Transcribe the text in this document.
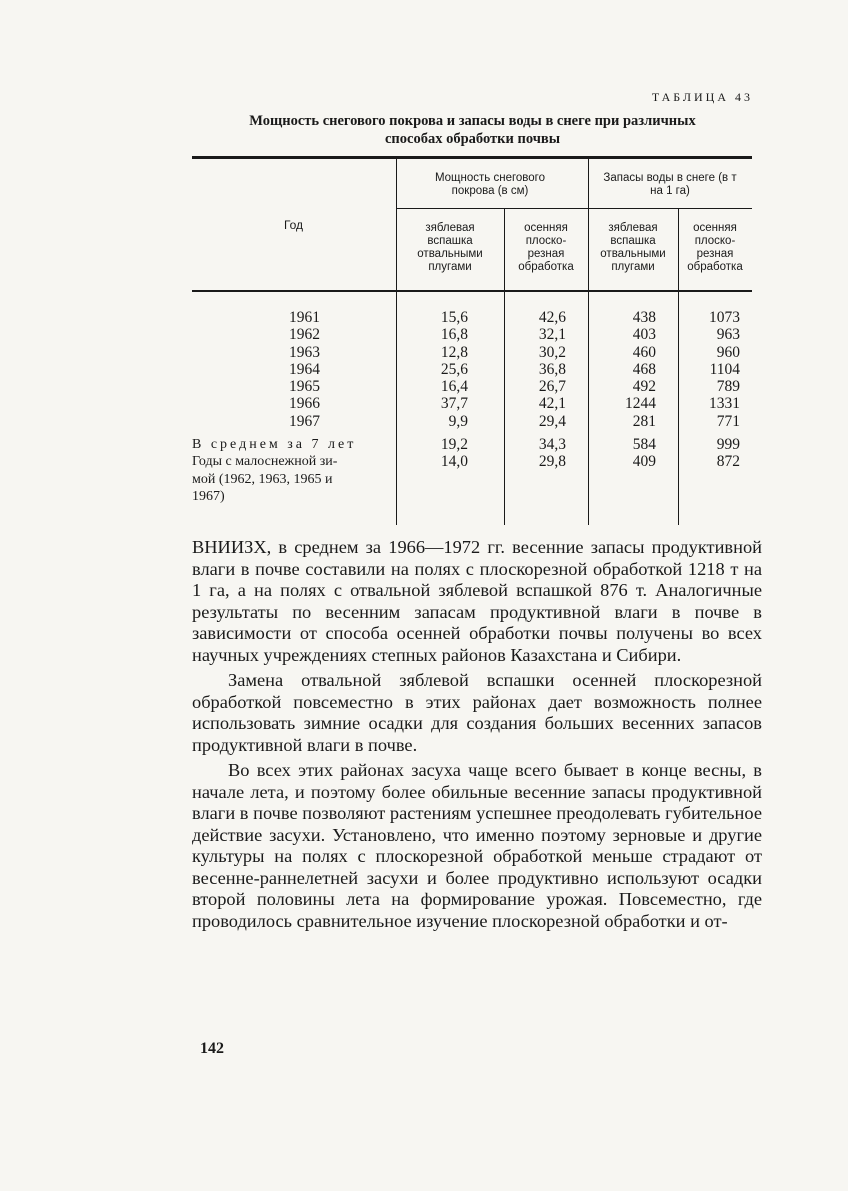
ТАБЛИЦА 43
Мощность снегового покрова и запасы воды в снеге при различных
способах обработки почвы
Год
Мощность снегового покрова (в см)
Запасы воды в снеге (в т на 1 га)
зяблевая
вспашка
отвальными
плугами
осенняя
плоско-
резная
обработка
зяблевая
вспашка
отвальными
плугами
осенняя
плоско-
резная
обработка
1961
1962
1963
1964
1965
1966
1967
15,6
16,8
12,8
25,6
16,4
37,7
9,9
42,6
32,1
30,2
36,8
26,7
42,1
29,4
438
403
460
468
492
1244
281
1073
963
960
1104
789
1331
771
В среднем за 7 лет
Годы с малоснежной зи-
мой (1962, 1963, 1965 и
1967)
19,2
14,0
34,3
29,8
584
409
999
872

ВНИИЗХ, в среднем за 1966—1972 гг. весенние запасы продуктивной влаги в почве составили на полях с плоскорезной обработкой 1218 т на 1 га, а на полях с отвальной зяблевой вспашкой 876 т. Аналогичные результаты по весенним запасам продуктивной влаги в почве в зависимости от способа осенней обработки почвы получены во всех научных учреждениях степных районов Казахстана и Сибири.

Замена отвальной зяблевой вспашки осенней плоскорезной обработкой повсеместно в этих районах дает возможность полнее использовать зимние осадки для создания больших весенних запасов продуктивной влаги в почве.

Во всех этих районах засуха чаще всего бывает в конце весны, в начале лета, и поэтому более обильные весенние запасы продуктивной влаги в почве позволяют растениям успешнее преодолевать губительное действие засухи. Установлено, что именно поэтому зерновые и другие культуры на полях с плоскорезной обработкой меньше страдают от весенне-раннелетней засухи и более продуктивно используют осадки второй половины лета на формирование урожая. Повсеместно, где проводилось сравнительное изучение плоскорезной обработки и от-

142
